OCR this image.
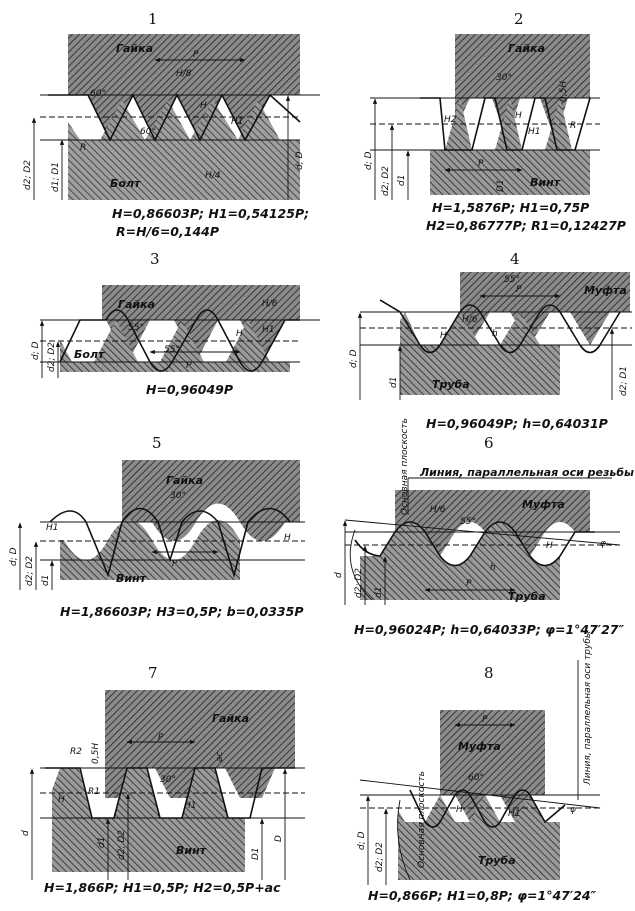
1
Гайка
Болт
P
H
H/8
H1
60°
60°
d2; D2 d1; D1
d; D
H/4
R
H=0,86603P; H1=0,54125P;
R=H/6=0,144P
2
Гайка
Винт
P
30°
H
H1
0,5H
R
d; D
d2; D2 d1	D1
H2
H=1,5876P; H1=0,75P
H2=0,86777P; R1=0,12427P
3
Гайка
Болт
55°
55°
P
H
H/6
H1
d; D d2; D2
H=0,96049P
4
Муфта
Труба
55°
P
H/6
h
H
d; D
d1	d2; D1
H=0,96049P; h=0,64031P
5
Гайка
Винт
30°
P
H
H1
d; D d2; D2 d1
H=1,86603P; H3=0,5P; b=0,0335P
6
Основная плоскость Линия, параллельная оси резьбы
Муфта
Труба
55°
P
H/6
h
H
d d2; D2 d1
φ
H=0,96024P; h=0,64033P; φ=1°47′27″
7
Гайка
Винт
R2 0,5H
P
30°
ac
H
R1
H1
d
d1 d2; D2	D1
D
H=1,866P; H1=0,5P; H2=0,5P+ac
8
Основная плоскость
Линия, параллельная оси трубы
Муфта
Труба
P
60°
H	H1
d; D
d2; D2
φ
H=0,866P; H1=0,8P; φ=1°47′24″
